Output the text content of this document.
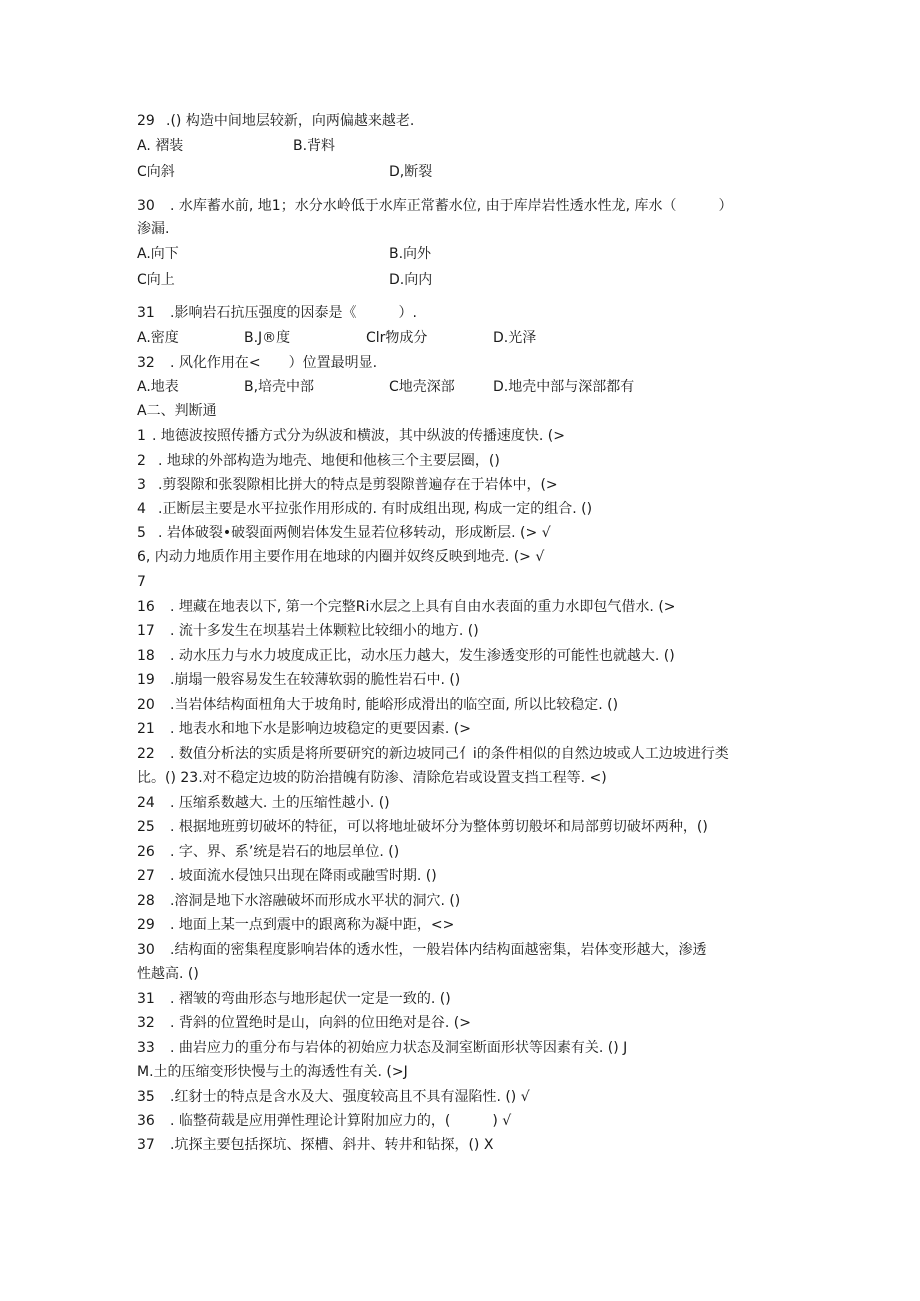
29 .() 构造中间地层较新，向两偏越来越老.
A. 褶装	B.背料
C向斜	D,断裂
30 . 水库蓄水前, 地1；水分水岭低于水库正常蓄水位, 由于库岸岩性透水性龙, 库水（　　　）
渗漏.
A.向下	B.向外
C向上	D.向内
31 .影响岩石抗压强度的因泰是《　　　）.
A.密度	B.J®度	Clr物成分	D.光泽
32 . 风化作用在<　　）位置最明显.
A.地表	B,培壳中部	C地壳深部	D.地壳中部与深部都有
A二、判断通
1 . 地德波按照传播方式分为纵波和横波，其中纵波的传播速度快. (>
2 . 地球的外部构造为地壳、地便和他核三个主要层圈，()
3 .剪裂隙和张裂隙相比拼大的特点是剪裂隙普遍存在于岩体中，(>
4 .正断层主要是水平拉张作用形成的. 有时成组出现, 构成一定的组合. ()
5 . 岩体破裂•破裂面两侧岩体发生显若位移转动，形成断层. (> √
6, 内动力地质作用主要作用在地球的内圈并奴终反映到地壳. (> √
7
16 . 埋藏在地表以下, 第一个完整Ri水层之上具有自由水表面的重力水即包气借水. (>
17 . 流十多发生在坝基岩土体颗粒比较细小的地方. ()
18 . 动水压力与水力坡度成正比，动水压力越大，发生渗透变形的可能性也就越大. ()
19 .崩塌一般容易发生在较薄软弱的脆性岩石中. ()
20 .当岩体结构面杻角大于坡角时, 能峪形成滑出的临空面, 所以比较稳定. ()
21 . 地表水和地下水是影响边坡稳定的更要因素. (>
22 . 数值分析法的实质是将所要研究的新边坡同己亻i的条件相似的自然边坡或人工边坡进行类
比。() 23.对不稳定边坡的防治措魄有防渗、清除危岩或设置支挡工程等. <)
24 . 压缩系数越大. 土的压缩性越小. ()
25 . 根据地班剪切破坏的特征，可以将地址破坏分为整体剪切般坏和局部剪切破坏两种，()
26 . 字、界、系’统是岩石的地层单位. ()
27 . 坡面流水侵蚀只出现在降雨或融雪时期. ()
28 .溶洞是地下水溶融破坏而形成水平状的洞穴. ()
29 . 地面上某一点到震中的跟离称为凝中距，<>
30 .结构面的密集程度影响岩体的透水性，一般岩体内结构面越密集，岩体变形越大，渗透
性越高. ()
31 . 褶皱的弯曲形态与地形起伏一定是一致的. ()
32 . 背斜的位置绝时是山，向斜的位田绝对是谷. (>
33 . 曲岩应力的重分布与岩体的初始应力状态及洞室断面形状等因素有关. () J
M.土的压缩变形快慢与土的海透性有关. (>J
35 .红豺士的特点是含水及大、强度较高且不具有湿陷性. () √
36 . 临整荷载是应用弹性理论计算附加应力的，(　　　) √
37 .坑探主要包括探坑、探槽、斜井、转井和钻探，() X
